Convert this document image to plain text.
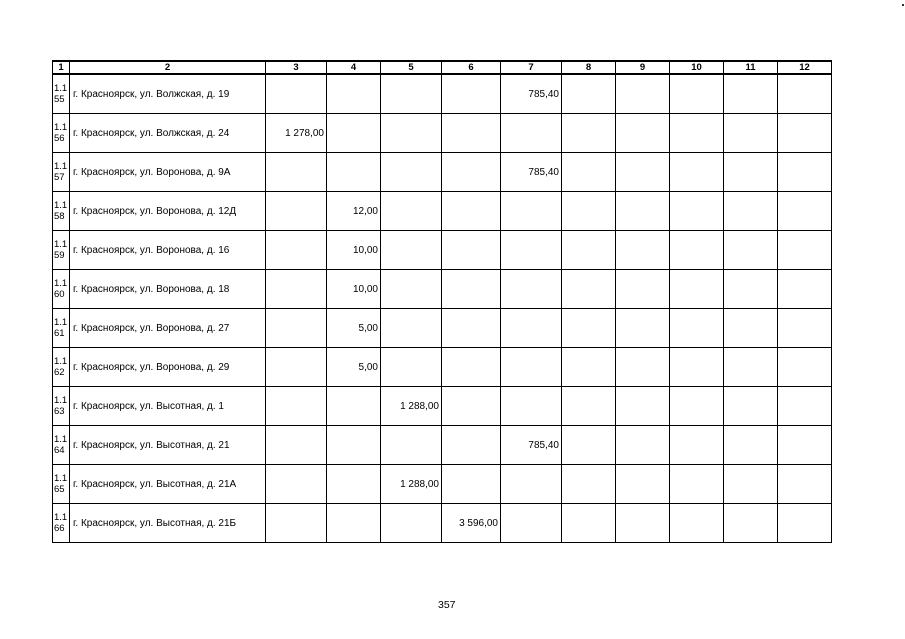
1	2	3	4	5	6	7	8	9	10	11	12

1.1
55	г. Красноярск, ул. Волжская, д. 19					785,40					

1.1
56	г. Красноярск, ул. Волжская, д. 24	1 278,00									

1.1
57	г. Красноярск, ул. Воронова, д. 9А					785,40					

1.1
58	г. Красноярск, ул. Воронова, д. 12Д		12,00								

1.1
59	г. Красноярск, ул. Воронова, д. 16		10,00								

1.1
60	г. Красноярск, ул. Воронова, д. 18		10,00								

1.1
61	г. Красноярск, ул. Воронова, д. 27		5,00								

1.1
62	г. Красноярск, ул. Воронова, д. 29		5,00								

1.1
63	г. Красноярск, ул. Высотная, д. 1			1 288,00							

1.1
64	г. Красноярск, ул. Высотная, д. 21					785,40					

1.1
65	г. Красноярск, ул. Высотная, д. 21А			1 288,00							

1.1
66	г. Красноярск, ул. Высотная, д. 21Б				3 596,00						
357
